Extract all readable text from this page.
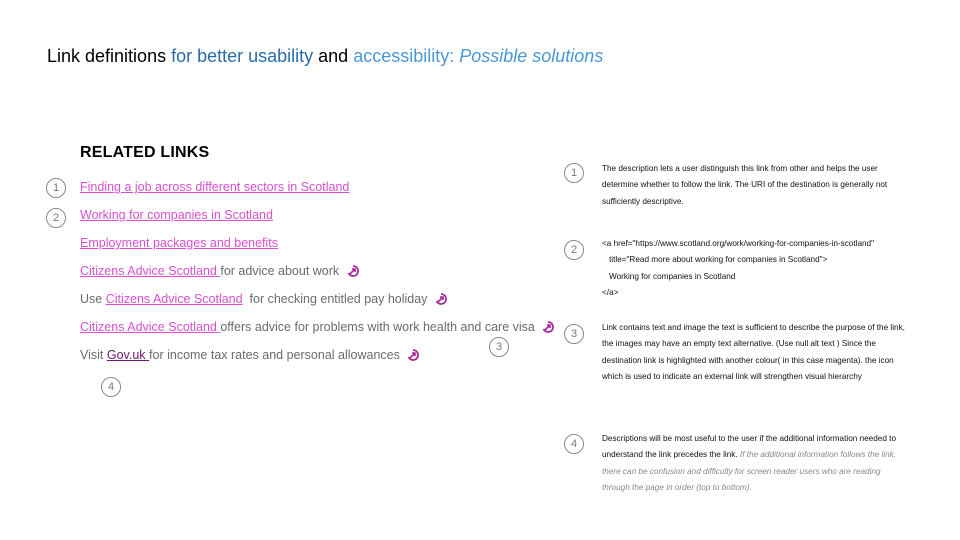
Link definitions for better usability and accessibility: Possible solutions
RELATED LINKS
1
2
3
4
Finding a job across different sectors in Scotland
Working for companies in Scotland
Employment packages and benefits
Citizens Advice Scotland for advice about work
Use Citizens Advice Scotland  for checking entitled pay holiday
Citizens Advice Scotland offers advice for problems with work health and care visa
Visit Gov.uk for income tax rates and personal allowances
1
2
3
4
The description lets a user distinguish this link from other and helps the user determine whether to follow the link. The URI of the destination is generally not sufficiently descriptive.
<a href="https://www.scotland.org/work/working-for-companies-in-scotland"
title="Read more about working for companies in Scotland">
Working for companies in Scotland
</a>
Link contains text and image the text is sufficient to describe the purpose of the link, the images may have an empty text alternative. (Use null alt text ) Since the destination link is highlighted with another colour( in this case magenta). the icon which is used to indicate an external link will strengthen visual hierarchy
Descriptions will be most useful to the user if the additional information needed to understand the link precedes the link. If the additional information follows the link, there can be confusion and difficulty for screen reader users who are reading through the page in order (top to bottom).
